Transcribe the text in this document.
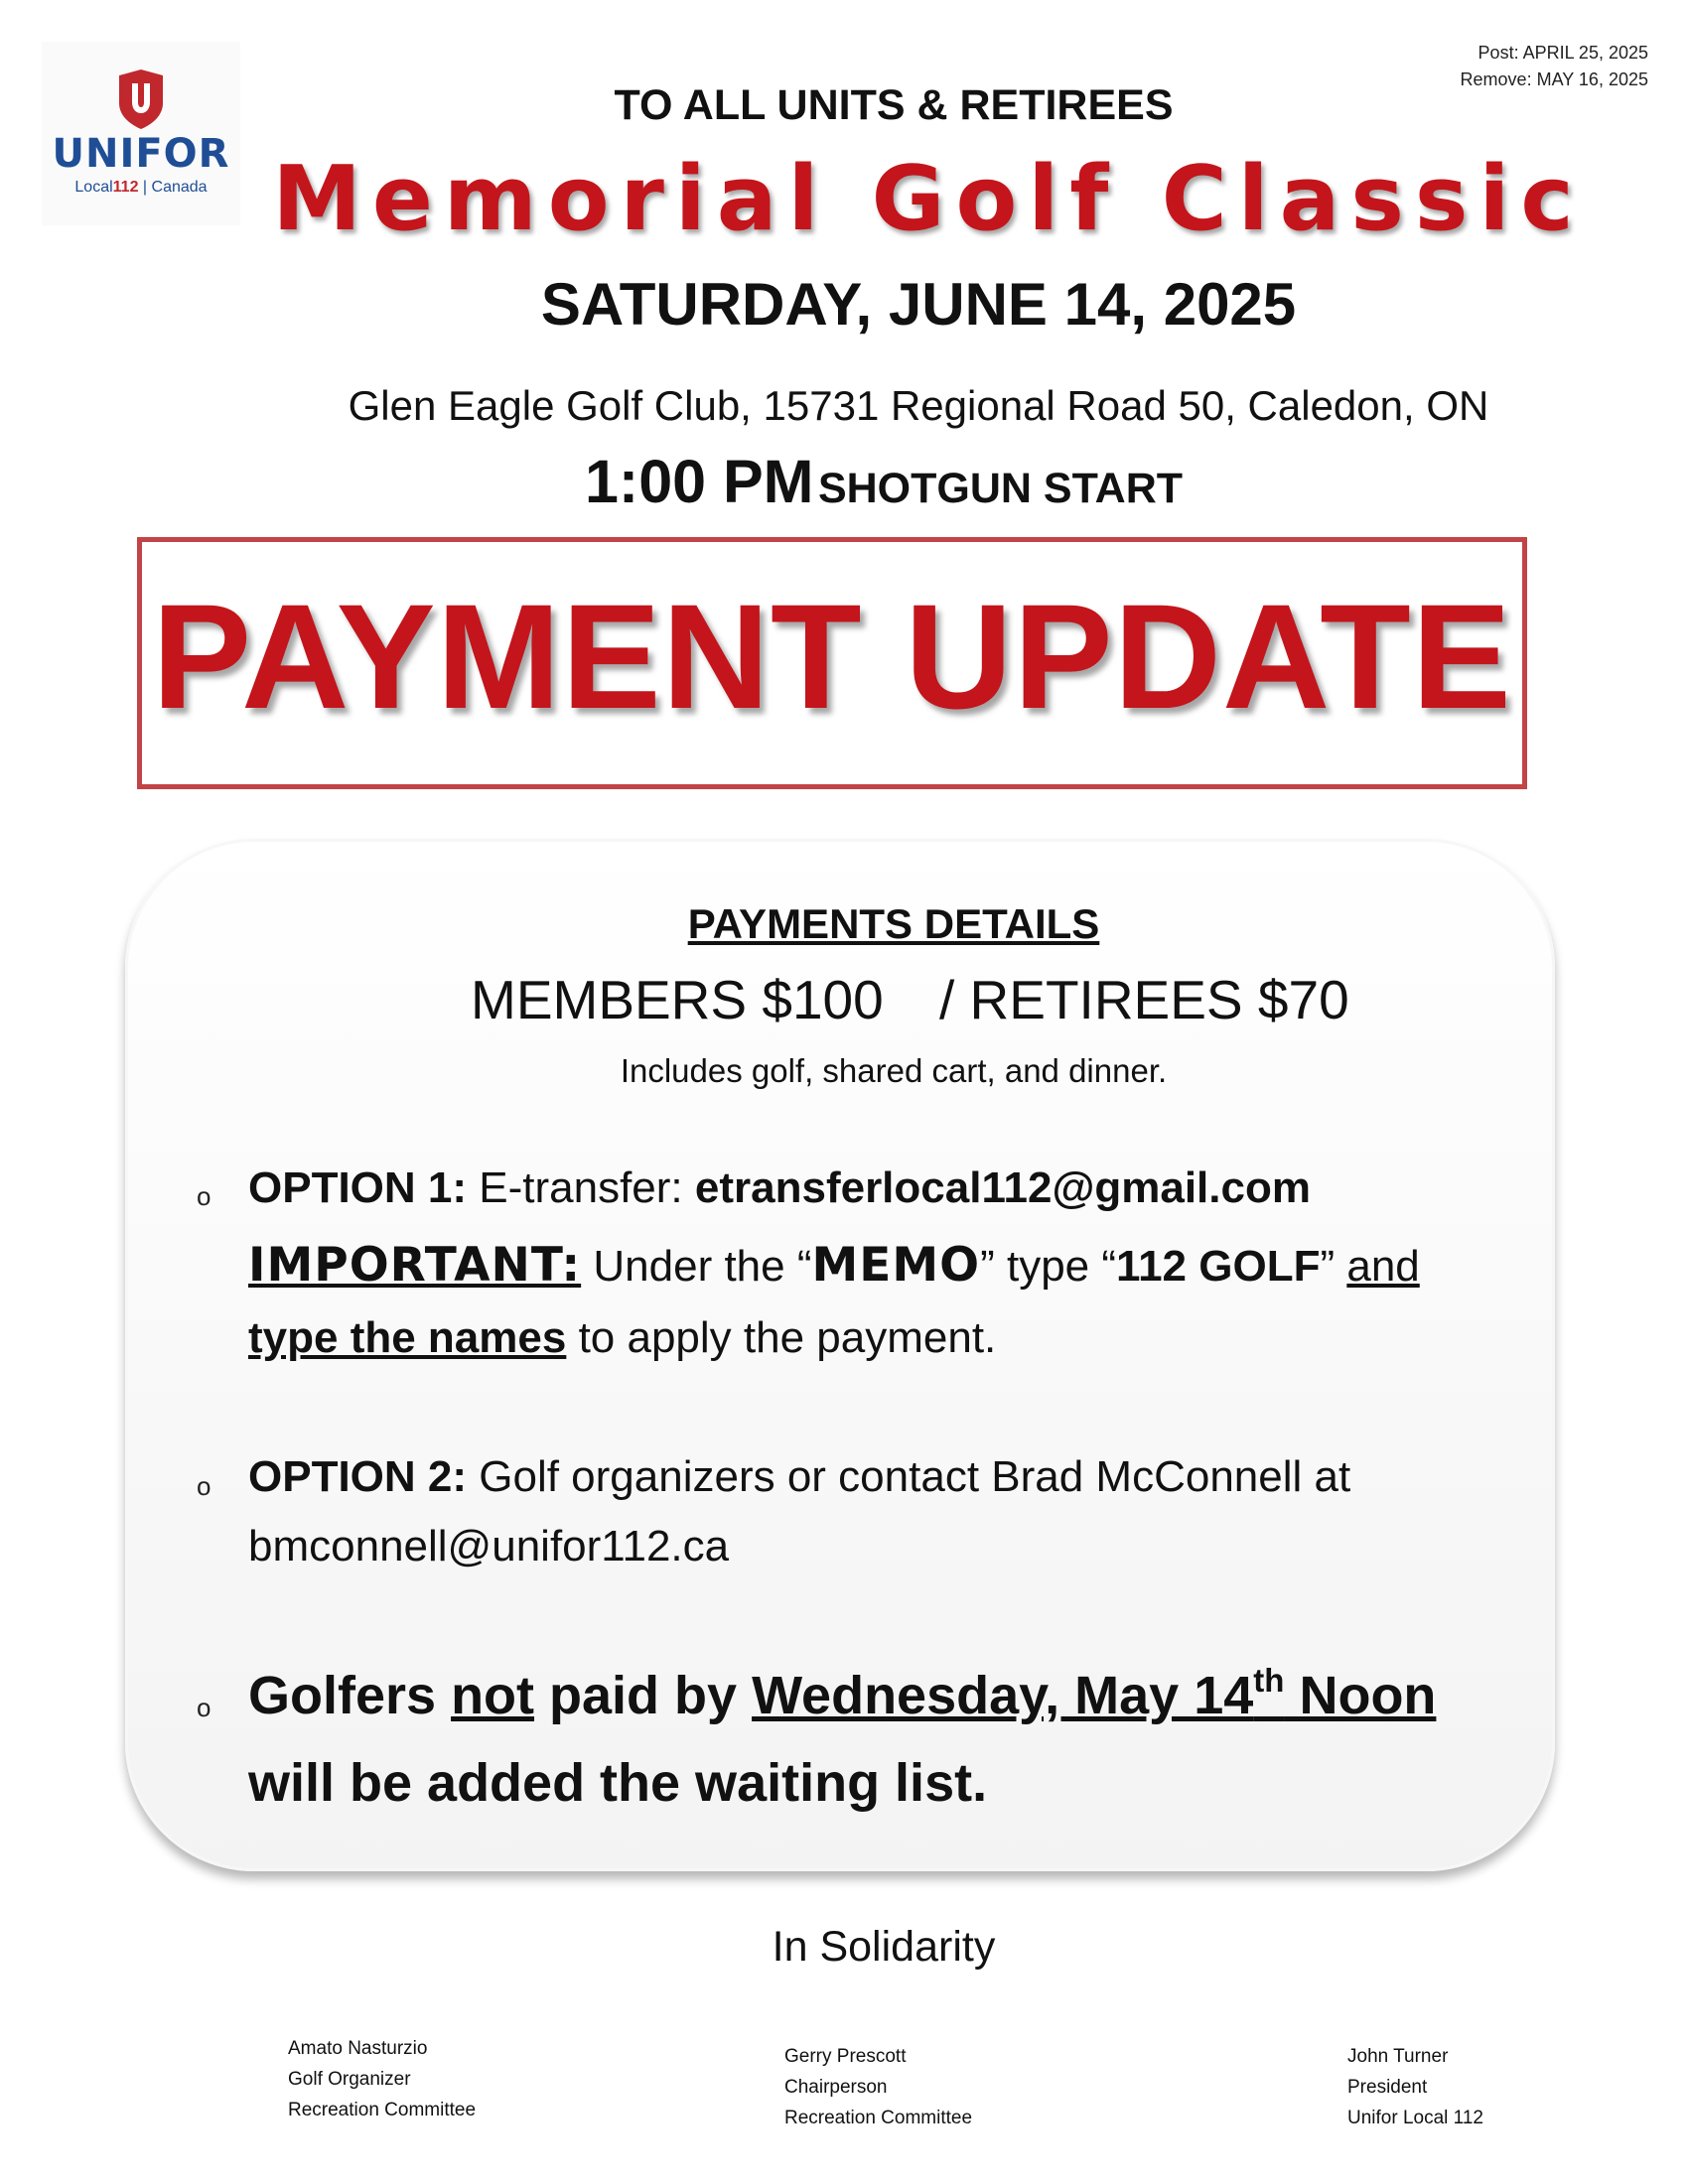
UNIFOR
Local112 | Canada
Post: APRIL 25, 2025
Remove: MAY 16, 2025
TO ALL UNITS & RETIREES
Memorial Golf Classic
SATURDAY, JUNE 14, 2025
Glen Eagle Golf Club, 15731 Regional Road 50, Caledon, ON
1:00 PM SHOTGUN START
PAYMENT UPDATE
PAYMENTS DETAILS
MEMBERS $100 / RETIREES $70
Includes golf, shared cart, and dinner.
o OPTION 1: E-transfer: etransferlocal112@gmail.com
IMPORTANT: Under the “MEMO” type “112 GOLF” and
type the names to apply the payment.
o OPTION 2: Golf organizers or contact Brad McConnell at
bmconnell@unifor112.ca
o Golfers not paid by Wednesday, May 14th Noon
will be added the waiting list.
In Solidarity
Amato Nasturzio
Golf Organizer
Recreation Committee
Gerry Prescott
Chairperson
Recreation Committee
John Turner
President
Unifor Local 112
